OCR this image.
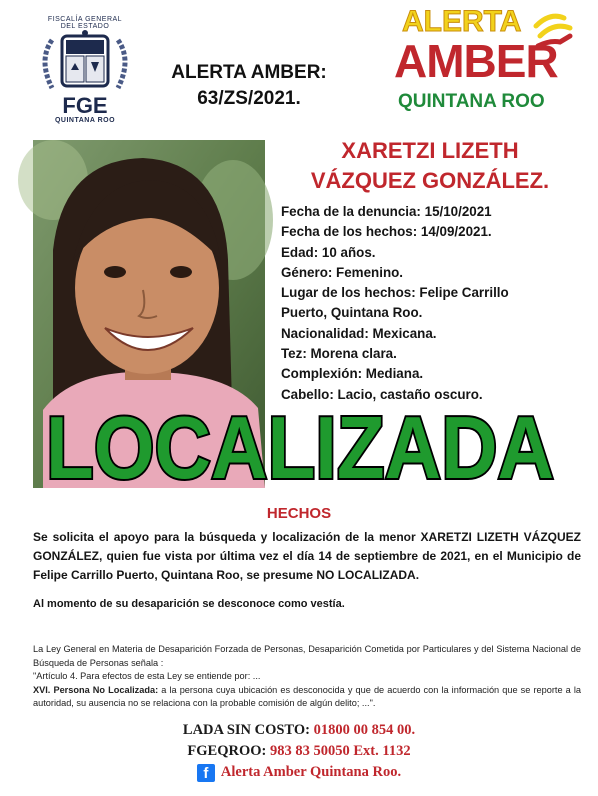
FISCALÍA GENERAL
DEL ESTADO
FGE
QUINTANA ROO
ALERTA AMBER:
63/ZS/2021.
ALERTA
AMBER
QUINTANA ROO
XARETZI LIZETH
VÁZQUEZ GONZÁLEZ.
Fecha de la denuncia: 15/10/2021
Fecha de los hechos: 14/09/2021.
Edad: 10 años.
Género: Femenino.
Lugar de los hechos: Felipe Carrillo
Puerto, Quintana Roo.
Nacionalidad: Mexicana.
Tez: Morena clara.
Complexión: Mediana.
Cabello: Lacio, castaño oscuro.
LOCALIZADA
HECHOS
Se solicita el apoyo para la búsqueda y localización de la menor XARETZI LIZETH VÁZQUEZ GONZÁLEZ, quien fue vista por última vez el día 14 de septiembre de 2021, en el Municipio de Felipe Carrillo Puerto, Quintana Roo, se presume NO LOCALIZADA.
Al momento de su desaparición se desconoce como vestía.
La Ley General en Materia de Desaparición Forzada de Personas, Desaparición Cometida por Particulares y del Sistema Nacional de Búsqueda de Personas señala :
"Artículo 4. Para efectos de esta Ley se entiende por: ...
XVI. Persona No Localizada: a la persona cuya ubicación es desconocida y que de acuerdo con la información que se reporte a la autoridad, su ausencia no se relaciona con la probable comisión de algún delito; ...".
LADA SIN COSTO: 01800 00 854 00.
FGEQROO: 983 83 50050 Ext. 1132
f Alerta Amber Quintana Roo.
